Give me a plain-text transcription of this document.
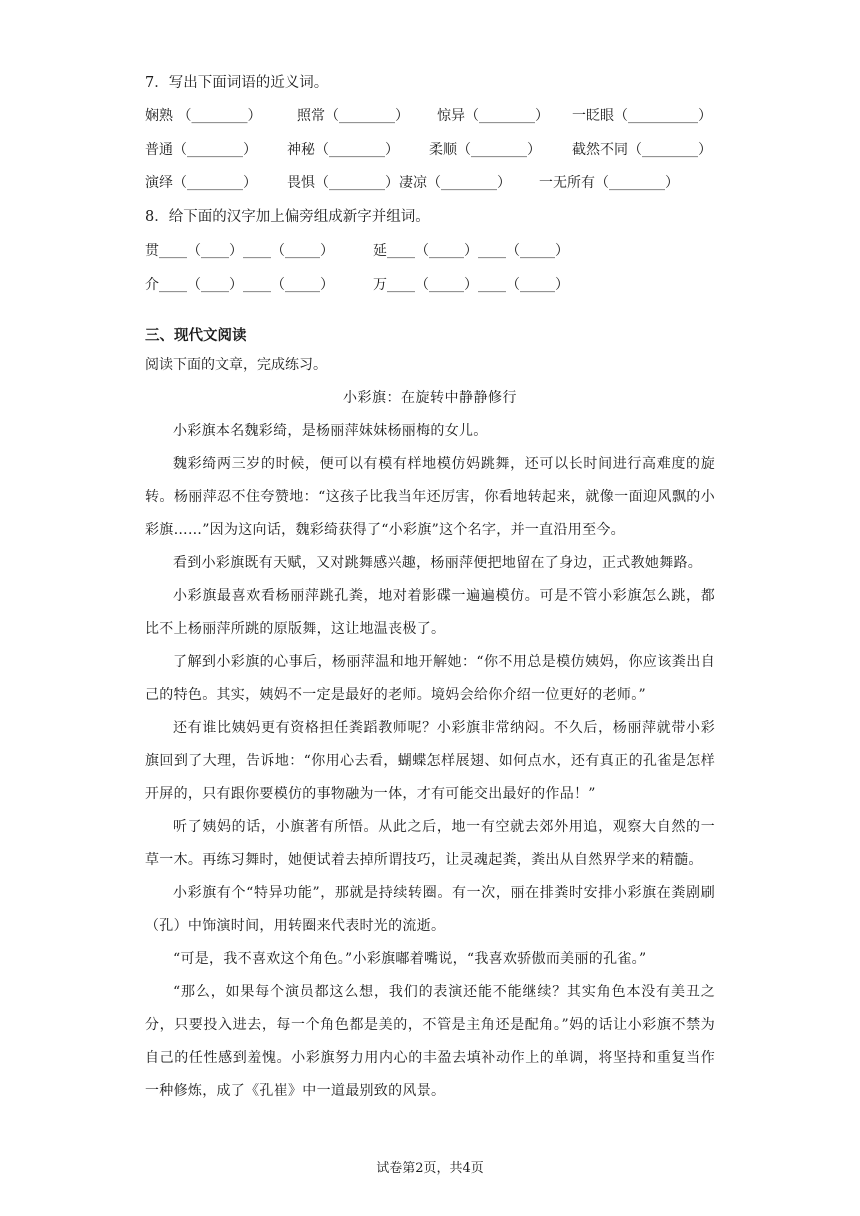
7．写出下面词语的近义词。
娴熟 （________）	照常（________） 惊异（________） 一眨眼（__________）
普通（________） 神秘（________） 柔顺（________） 截然不同（________）
演绎（________） 畏惧（________）凄凉（________） 一无所有（________）
8．给下面的汉字加上偏旁组成新字并组词。
贯____（____）____（_____）	延____（_____）____（_____）
介____（____）____（_____）	万____（_____）____（_____）
三、现代文阅读
阅读下面的文章，完成练习。
小彩旗：在旋转中静静修行
小彩旗本名魏彩绮，是杨丽萍妹妹杨丽梅的女儿。
魏彩绮两三岁的时候，便可以有模有样地模仿妈跳舞，还可以长时间进行高难度的旋转。杨丽萍忍不住夸赞地：“这孩子比我当年还厉害，你看地转起来，就像一面迎风飘的小彩旗……”因为这向话，魏彩绮获得了“小彩旗”这个名字，并一直沿用至今。
看到小彩旗既有天赋，又对跳舞感兴趣，杨丽萍便把地留在了身边，正式教她舞路。
小彩旗最喜欢看杨丽萍跳孔粪，地对着影碟一遍遍模仿。可是不管小彩旗怎么跳，都比不上杨丽萍所跳的原版舞，这让地温丧极了。
了解到小彩旗的心事后，杨丽萍温和地开解她：“你不用总是模仿姨妈，你应该粪出自己的特色。其实，姨妈不一定是最好的老师。境妈会给你介绍一位更好的老师。”
还有谁比姨妈更有资格担任粪蹈教师呢？小彩旗非常纳闷。不久后，杨丽萍就带小彩旗回到了大理，告诉地：“你用心去看，蝴蝶怎样展翅、如何点水，还有真正的孔雀是怎样开屏的，只有跟你要模仿的事物融为一体，才有可能交出最好的作品！”
听了姨妈的话，小旗著有所悟。从此之后，地一有空就去郊外用追，观察大自然的一草一木。再练习舞时，她便试着去掉所谓技巧，让灵魂起粪，粪出从自然界学来的精髓。
小彩旗有个“特异功能”，那就是持续转圈。有一次，丽在排粪时安排小彩旗在粪剧刷（孔）中饰演时间，用转圈来代表时光的流逝。
“可是，我不喜欢这个角色。”小彩旗嘟着嘴说，“我喜欢骄傲而美丽的孔雀。”
“那么，如果每个演员都这么想，我们的表演还能不能继续？其实角色本没有美丑之分，只要投入进去，每一个角色都是美的，不管是主角还是配角。”妈的话让小彩旗不禁为自己的任性感到羞愧。小彩旗努力用内心的丰盈去填补动作上的单调，将坚持和重复当作一种修炼，成了《孔崔》中一道最别致的风景。
试卷第2页，共4页
